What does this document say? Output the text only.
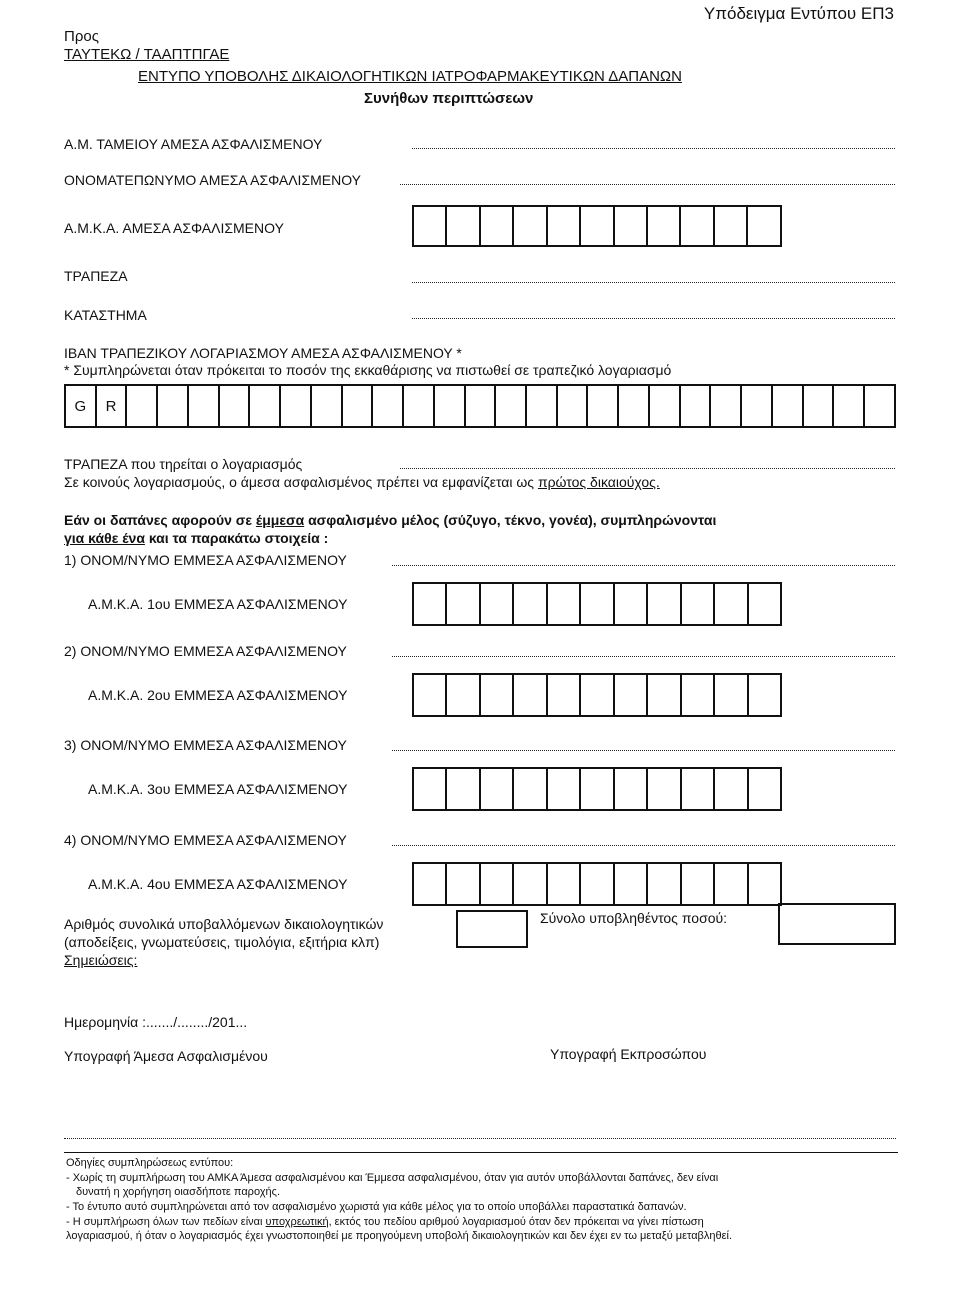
Υπόδειγμα Εντύπου ΕΠ3
Προς
ΤΑΥΤΕΚΩ / ΤΑΑΠΤΠΓΑΕ
ΕΝΤΥΠΟ ΥΠΟΒΟΛΗΣ ΔΙΚΑΙΟΛΟΓΗΤΙΚΩΝ ΙΑΤΡΟΦΑΡΜΑΚΕΥΤΙΚΩΝ ΔΑΠΑΝΩΝ
Συνήθων περιπτώσεων
Α.Μ. ΤΑΜΕΙΟΥ ΑΜΕΣΑ ΑΣΦΑΛΙΣΜΕΝΟΥ
ΟΝΟΜΑΤΕΠΩΝΥΜΟ ΑΜΕΣΑ ΑΣΦΑΛΙΣΜΕΝΟΥ
Α.Μ.Κ.Α. ΑΜΕΣΑ ΑΣΦΑΛΙΣΜΕΝΟΥ
ΤΡΑΠΕΖΑ
ΚΑΤΑΣΤΗΜΑ
ΙΒΑΝ ΤΡΑΠΕΖΙΚΟΥ ΛΟΓΑΡΙΑΣΜΟΥ ΑΜΕΣΑ ΑΣΦΑΛΙΣΜΕΝΟΥ *
* Συμπληρώνεται όταν πρόκειται το ποσόν της εκκαθάρισης να πιστωθεί σε τραπεζικό λογαριασμό
G	R
ΤΡΑΠΕΖΑ που τηρείται ο λογαριασμός
Σε κοινούς λογαριασμούς, ο άμεσα ασφαλισμένος πρέπει να εμφανίζεται ως πρώτος δικαιούχος.
Εάν οι δαπάνες αφορούν σε έμμεσα ασφαλισμένο μέλος (σύζυγο, τέκνο, γονέα), συμπληρώνονται
για κάθε ένα και τα παρακάτω στοιχεία :
1) ΟΝΟΜ/ΝΥΜΟ ΕΜΜΕΣΑ ΑΣΦΑΛΙΣΜΕΝΟΥ
Α.Μ.Κ.Α. 1ου ΕΜΜΕΣΑ ΑΣΦΑΛΙΣΜΕΝΟΥ
2) ΟΝΟΜ/ΝΥΜΟ ΕΜΜΕΣΑ ΑΣΦΑΛΙΣΜΕΝΟΥ
Α.Μ.Κ.Α. 2ου ΕΜΜΕΣΑ ΑΣΦΑΛΙΣΜΕΝΟΥ
3) ΟΝΟΜ/ΝΥΜΟ ΕΜΜΕΣΑ ΑΣΦΑΛΙΣΜΕΝΟΥ
Α.Μ.Κ.Α. 3ου ΕΜΜΕΣΑ ΑΣΦΑΛΙΣΜΕΝΟΥ
4) ΟΝΟΜ/ΝΥΜΟ ΕΜΜΕΣΑ ΑΣΦΑΛΙΣΜΕΝΟΥ
Α.Μ.Κ.Α. 4ου ΕΜΜΕΣΑ ΑΣΦΑΛΙΣΜΕΝΟΥ
Αριθμός συνολικά υποβαλλόμενων δικαιολογητικών
(αποδείξεις, γνωματεύσεις, τιμολόγια, εξιτήρια κλπ)
Σύνολο υποβληθέντος ποσού:
Σημειώσεις:
Ημερομηνία :......./......../201...
Υπογραφή Άμεσα Ασφαλισμένου	Υπογραφή Εκπροσώπου
Οδηγίες συμπληρώσεως εντύπου:
- Χωρίς τη συμπλήρωση του ΑΜΚΑ Άμεσα ασφαλισμένου και Έμμεσα ασφαλισμένου, όταν για αυτόν υποβάλλονται δαπάνες, δεν είναι
δυνατή η χορήγηση οιασδήποτε παροχής.
- Το έντυπο αυτό συμπληρώνεται από τον ασφαλισμένο χωριστά για κάθε μέλος για το οποίο υποβάλλει παραστατικά δαπανών.
- Η συμπλήρωση όλων των πεδίων είναι υποχρεωτική, εκτός του πεδίου αριθμού λογαριασμού όταν δεν πρόκειται να γίνει πίστωση
λογαριασμού, ή όταν ο λογαριασμός έχει γνωστοποιηθεί με προηγούμενη υποβολή δικαιολογητικών και δεν έχει εν τω μεταξύ μεταβληθεί.
